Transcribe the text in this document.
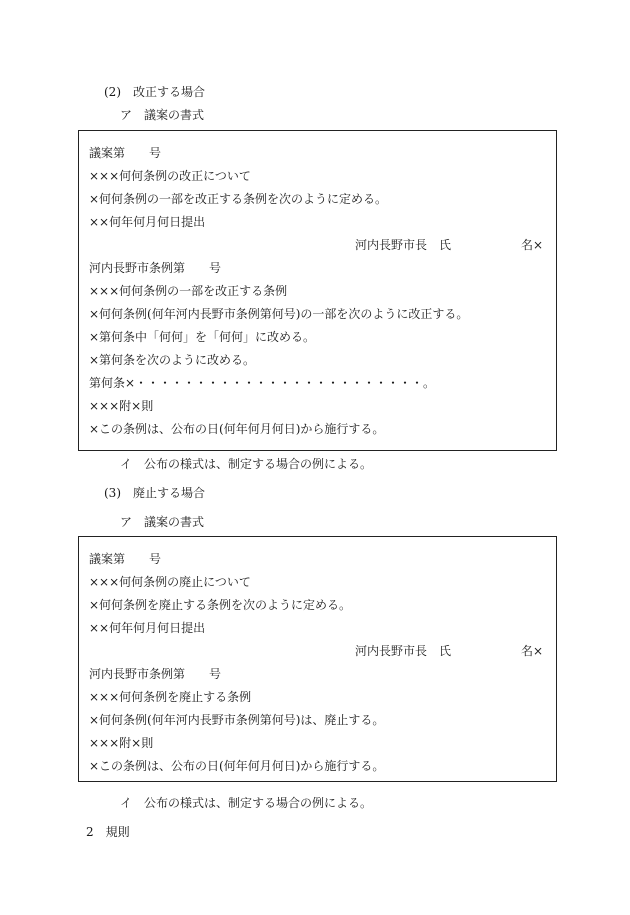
(2)　改正する場合
ア　議案の書式
議案第　　号
×××何何条例の改正について
×何何条例の一部を改正する条例を次のように定める。
××何年何月何日提出
河内長野市長　氏	名×
河内長野市条例第　　号
×××何何条例の一部を改正する条例
×何何条例(何年河内長野市条例第何号)の一部を次のように改正する。
×第何条中「何何」を「何何」に改める。
×第何条を次のように改める。
第何条×・・・・・・・・・・・・・・・・・・・・・・・・。
×××附×則
×この条例は、公布の日(何年何月何日)から施行する。
イ　公布の様式は、制定する場合の例による。
(3)　廃止する場合
ア　議案の書式
議案第　　号
×××何何条例の廃止について
×何何条例を廃止する条例を次のように定める。
××何年何月何日提出
河内長野市長　氏	名×
河内長野市条例第　　号
×××何何条例を廃止する条例
×何何条例(何年河内長野市条例第何号)は、廃止する。
×××附×則
×この条例は、公布の日(何年何月何日)から施行する。
イ　公布の様式は、制定する場合の例による。
2　規則
